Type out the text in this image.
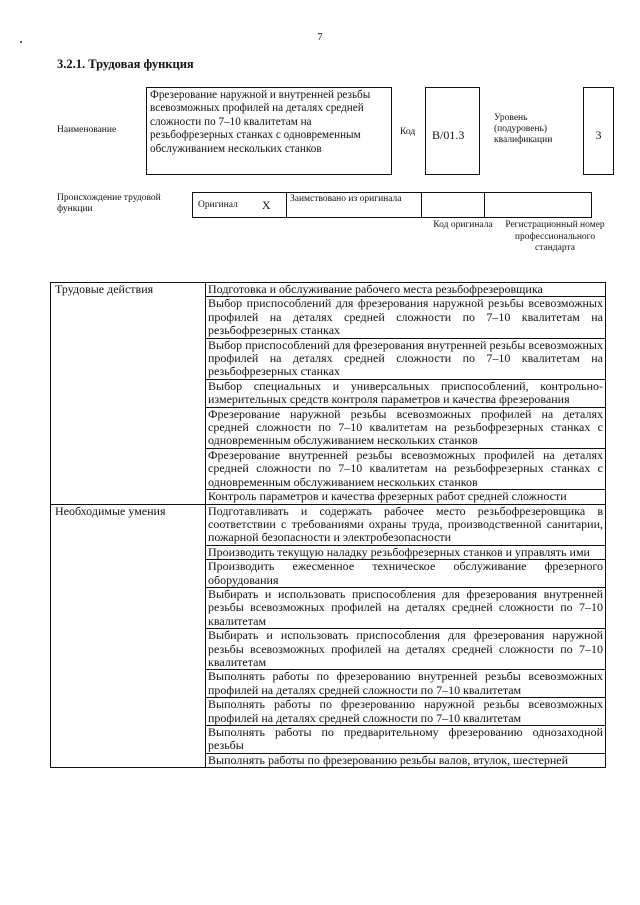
7
3.2.1. Трудовая функция
Наименование
Фрезерование наружной и внутренней резьбы всевозможных профилей на деталях средней сложности по 7–10 квалитетам на резьбофрезерных станках с одновременным обслуживанием нескольких станков
Код	B/01.3
Уровень (подуровень) квалификации	3
Происхождение трудовой функции	Оригинал X	Заимствовано из оригинала
Код оригинала	Регистрационный номер профессионального стандарта
Трудовые действия	Подготовка и обслуживание рабочего места резьбофрезеровщика
	Выбор приспособлений для фрезерования наружной резьбы всевозможных профилей на деталях средней сложности по 7–10 квалитетам на резьбофрезерных станках
	Выбор приспособлений для фрезерования внутренней резьбы всевозможных профилей на деталях средней сложности по 7–10 квалитетам на резьбофрезерных станках
	Выбор специальных и универсальных приспособлений, контрольно-измерительных средств контроля параметров и качества фрезерования
	Фрезерование наружной резьбы всевозможных профилей на деталях средней сложности по 7–10 квалитетам на резьбофрезерных станках с одновременным обслуживанием нескольких станков
	Фрезерование внутренней резьбы всевозможных профилей на деталях средней сложности по 7–10 квалитетам на резьбофрезерных станках с одновременным обслуживанием нескольких станков
	Контроль параметров и качества фрезерных работ средней сложности
Необходимые умения	Подготавливать и содержать рабочее место резьбофрезеровщика в соответствии с требованиями охраны труда, производственной санитарии, пожарной безопасности и электробезопасности
	Производить текущую наладку резьбофрезерных станков и управлять ими
	Производить ежесменное техническое обслуживание фрезерного оборудования
	Выбирать и использовать приспособления для фрезерования внутренней резьбы всевозможных профилей на деталях средней сложности по 7–10 квалитетам
	Выбирать и использовать приспособления для фрезерования наружной резьбы всевозможных профилей на деталях средней сложности по 7–10 квалитетам
	Выполнять работы по фрезерованию внутренней резьбы всевозможных профилей на деталях средней сложности по 7–10 квалитетам
	Выполнять работы по фрезерованию наружной резьбы всевозможных профилей на деталях средней сложности по 7–10 квалитетам
	Выполнять работы по предварительному фрезерованию однозаходной резьбы
	Выполнять работы по фрезерованию резьбы валов, втулок, шестерней
